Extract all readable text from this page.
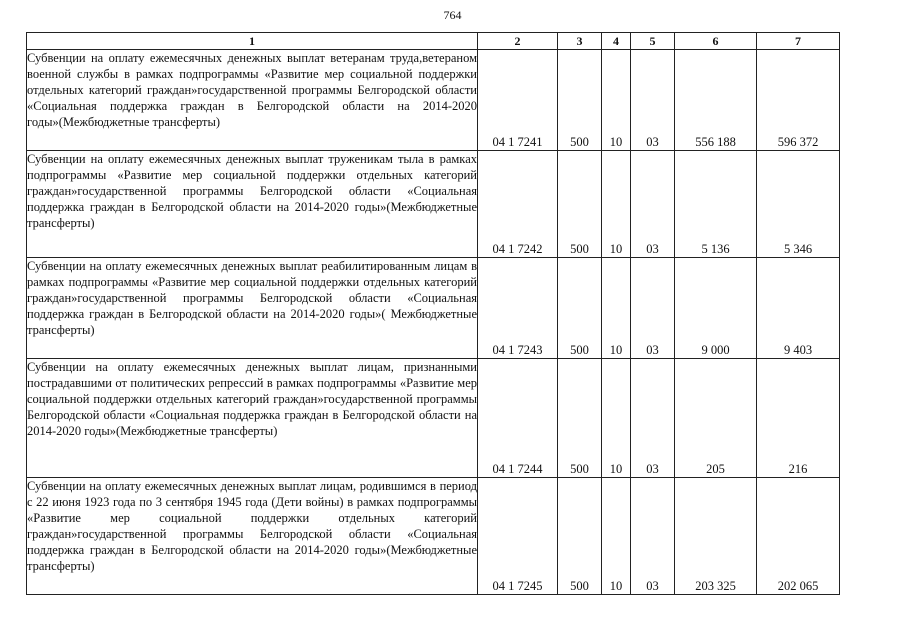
764
1	2	3	4	5	6	7
Субвенции на оплату ежемесячных денежных выплат ветеранам труда,ветераном военной службы в рамках подпрограммы «Развитие мер социальной поддержки отдельных категорий граждан»государственной программы Белгородской области «Социальная поддержка граждан в Белгородской области на 2014-2020 годы»(Межбюджетные трансферты)	04 1 7241	500	10	03	556 188	596 372
Субвенции на оплату ежемесячных денежных выплат труженикам тыла в рамках подпрограммы «Развитие мер социальной поддержки отдельных категорий граждан»государственной программы Белгородской области «Социальная поддержка граждан в Белгородской области на 2014-2020 годы»(Межбюджетные трансферты)	04 1 7242	500	10	03	5 136	5 346
Субвенции на оплату ежемесячных денежных выплат реабилитированным лицам в рамках подпрограммы «Развитие мер социальной поддержки отдельных категорий граждан»государственной программы Белгородской области «Социальная поддержка граждан в Белгородской области на 2014-2020 годы»( Межбюджетные трансферты)	04 1 7243	500	10	03	9 000	9 403
Субвенции на оплату ежемесячных денежных выплат лицам, признанными пострадавшими от политических репрессий в рамках подпрограммы «Развитие мер социальной поддержки отдельных категорий граждан»государственной программы Белгородской области «Социальная поддержка граждан в Белгородской области на 2014-2020 годы»(Межбюджетные трансферты)	04 1 7244	500	10	03	205	216
Субвенции на оплату ежемесячных денежных выплат лицам, родившимся в период с 22 июня 1923 года по 3 сентября 1945 года (Дети войны) в рамках подпрограммы «Развитие мер социальной поддержки отдельных категорий граждан»государственной программы Белгородской области «Социальная поддержка граждан в Белгородской области на 2014-2020 годы»(Межбюджетные трансферты)	04 1 7245	500	10	03	203 325	202 065
